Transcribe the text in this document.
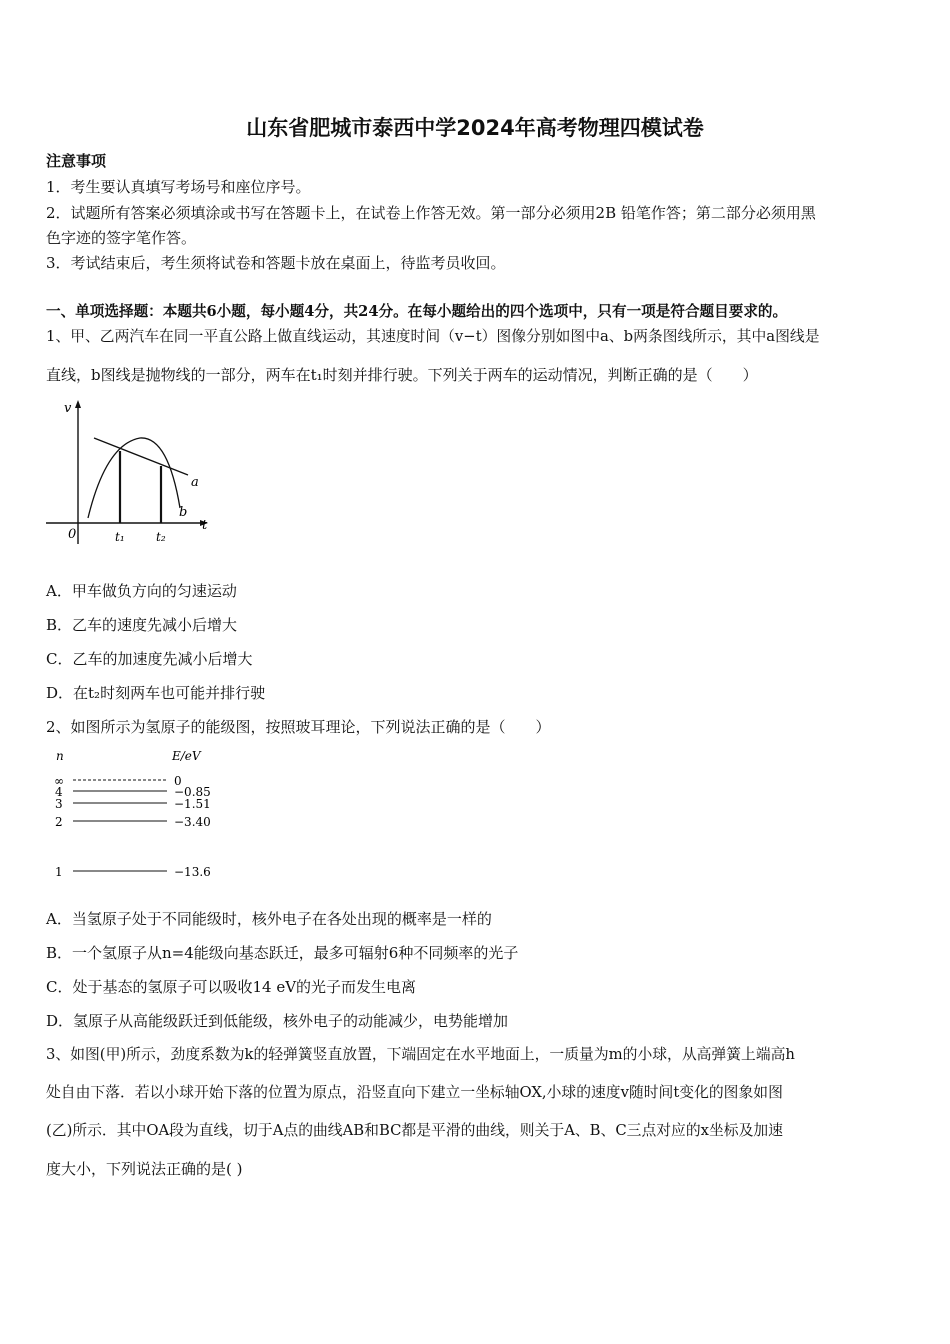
山东省肥城市泰西中学2024年高考物理四模试卷
注意事项
1．考生要认真填写考场号和座位序号。
2．试题所有答案必须填涂或书写在答题卡上，在试卷上作答无效。第一部分必须用2B 铅笔作答；第二部分必须用黑
色字迹的签字笔作答。
3．考试结束后，考生须将试卷和答题卡放在桌面上，待监考员收回。
一、单项选择题：本题共6小题，每小题4分，共24分。在每小题给出的四个选项中，只有一项是符合题目要求的。
1、甲、乙两汽车在同一平直公路上做直线运动，其速度时间（v−t）图像分别如图中a、b两条图线所示，其中a图线是
直线，b图线是抛物线的一部分，两车在t₁时刻并排行驶。下列关于两车的运动情况，判断正确的是（　　）
v
t
0	t₁	t₂
a
b
A．甲车做负方向的匀速运动
B．乙车的速度先减小后增大
C．乙车的加速度先减小后增大
D．在t₂时刻两车也可能并排行驶
2、如图所示为氢原子的能级图，按照玻耳理论，下列说法正确的是（　　）
n	E/eV
∞	0
4	−0.85
3	−1.51
2	−3.40
1	−13.6
A．当氢原子处于不同能级时，核外电子在各处出现的概率是一样的
B．一个氢原子从n=4能级向基态跃迁，最多可辐射6种不同频率的光子
C．处于基态的氢原子可以吸收14 eV的光子而发生电离
D．氢原子从高能级跃迁到低能级，核外电子的动能减少，电势能增加
3、如图(甲)所示，劲度系数为k的轻弹簧竖直放置，下端固定在水平地面上，一质量为m的小球，从高弹簧上端高h
处自由下落．若以小球开始下落的位置为原点，沿竖直向下建立一坐标轴OX,小球的速度v随时间t变化的图象如图
(乙)所示．其中OA段为直线，切于A点的曲线AB和BC都是平滑的曲线，则关于A、B、C三点对应的x坐标及加速
度大小，下列说法正确的是( )
